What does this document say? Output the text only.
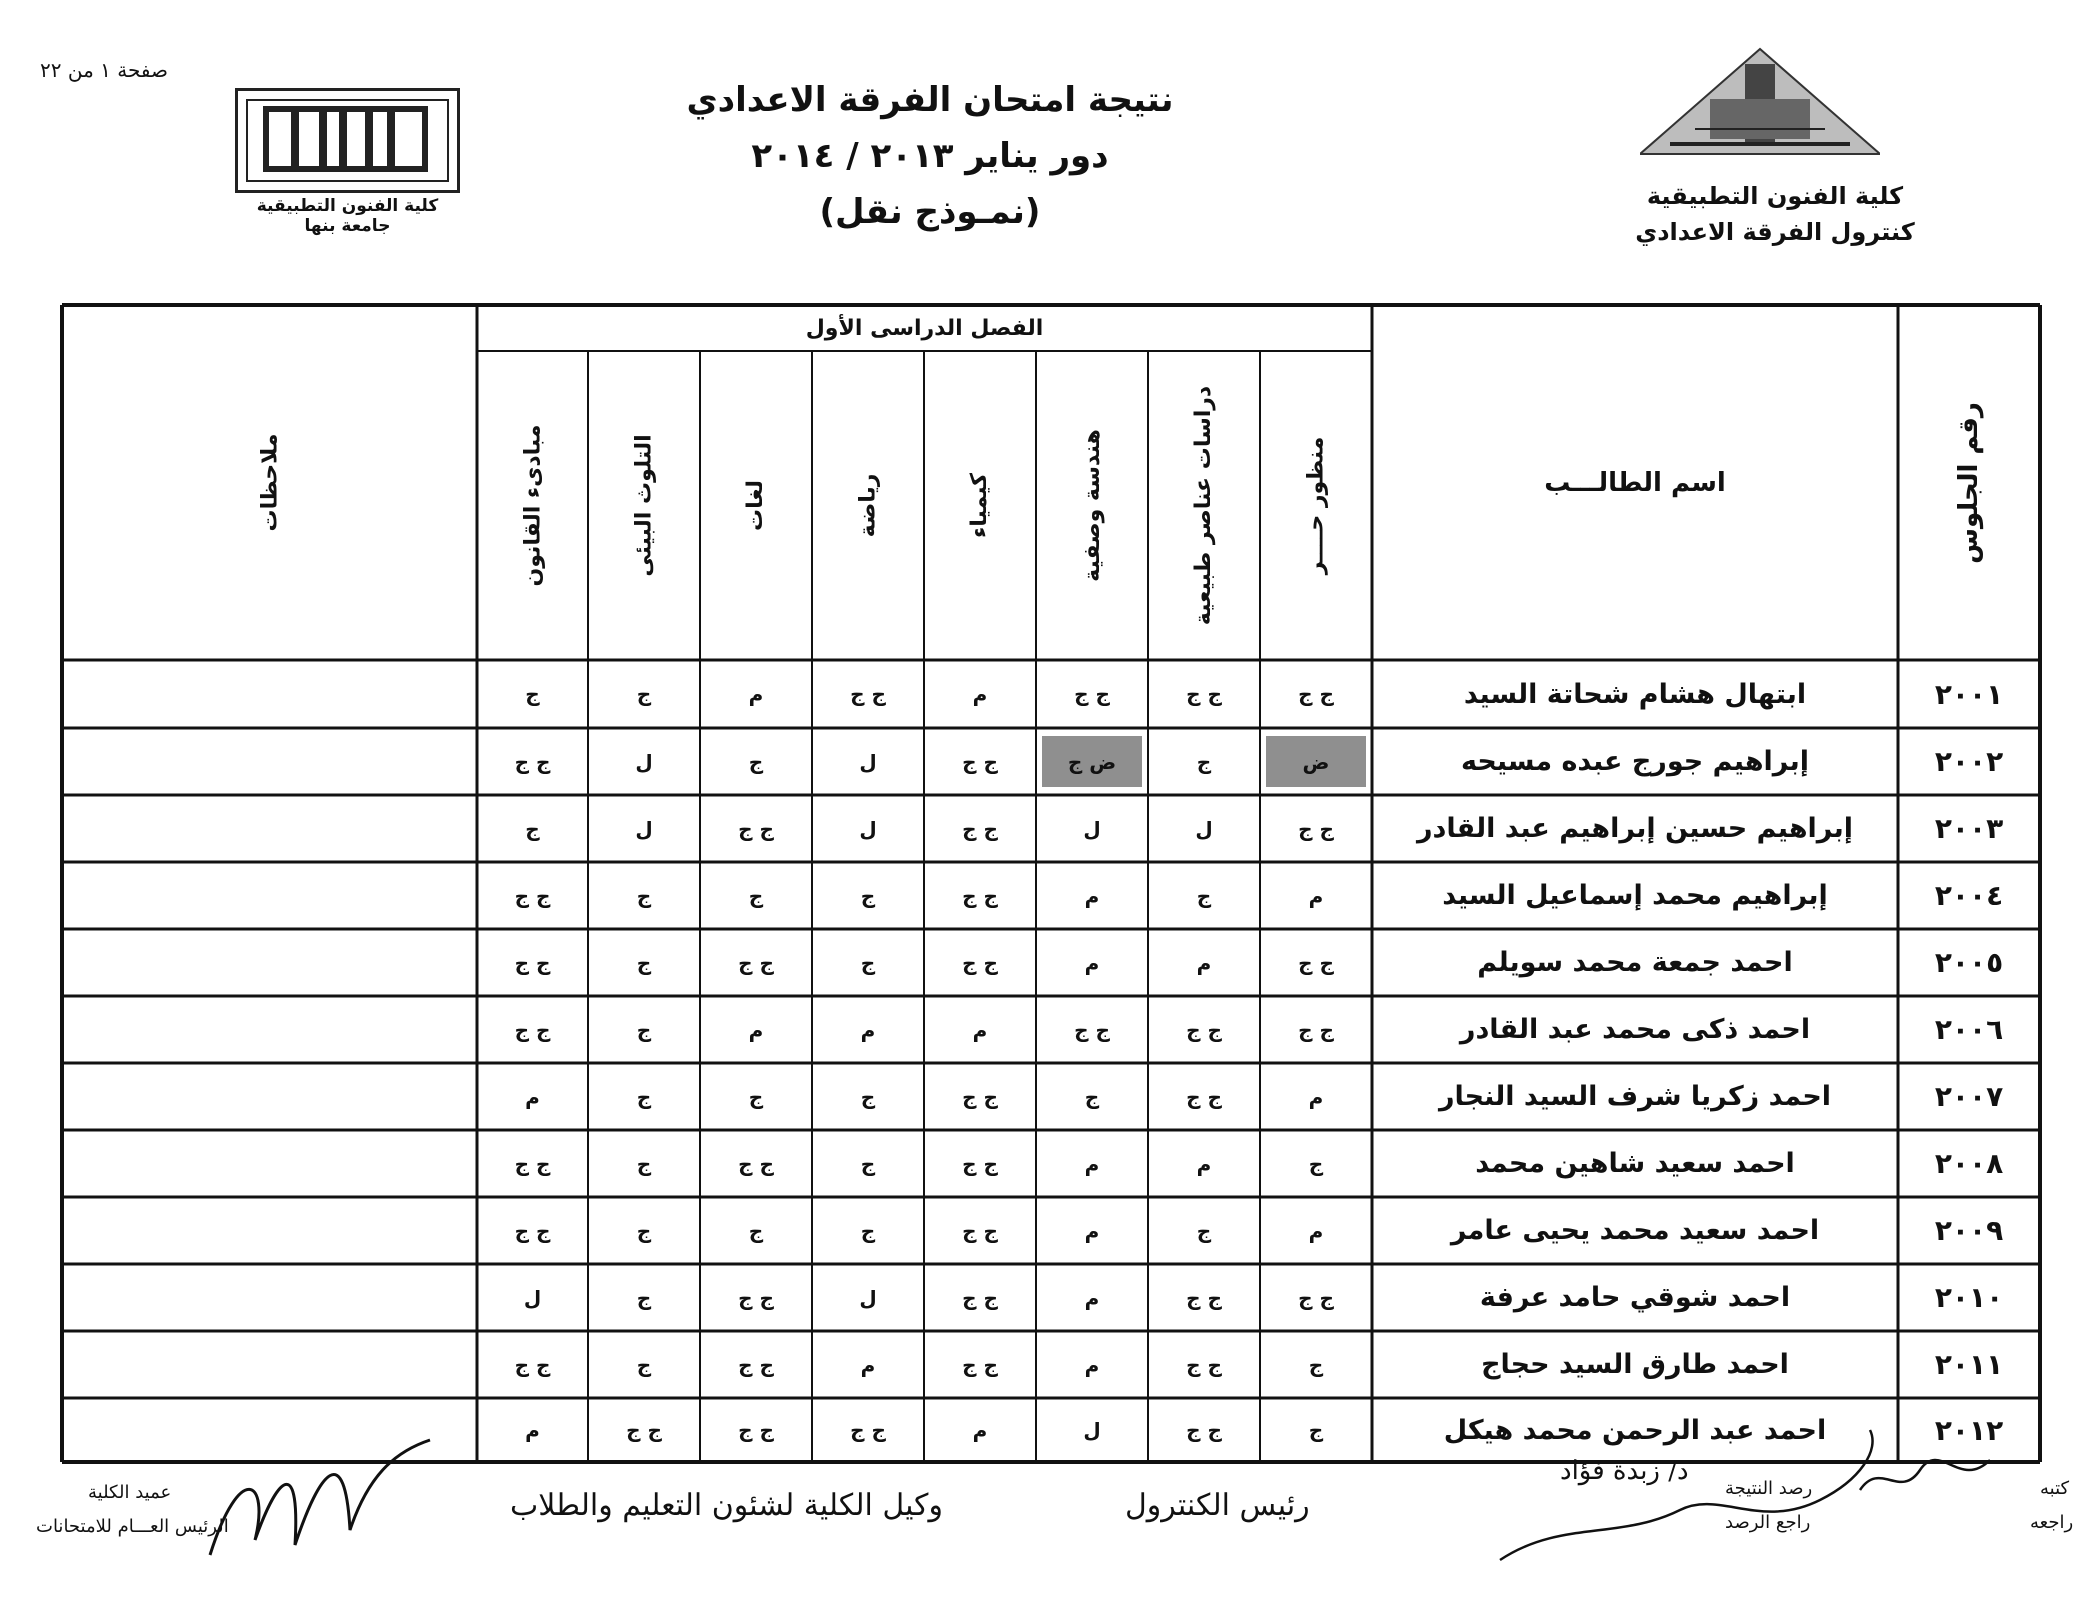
صفحة ١ من ٢٢
كلية الفنون التطبيقية
جامعة بنها
نتيجة امتحان الفرقة الاعدادي
دور يناير ٢٠١٣ / ٢٠١٤
(نمـوذج نقل)	كلية الفنون التطبيقية
كنترول الفرقة الاعدادي
ملاحظات
الفصل الدراسى الأول
اسم الطالـــب	رقم الجلوس
منظور حــــر
دراسات عناصر طبيعية
هندسة وصفية
كيمياء
رياضة
لغات
التلوث البيئى
مبادىء القانون
٢٠٠١
ابتهال هشام شحاتة السيد
ج ج
ج ج
ج ج
م
ج ج
م
ج
ج
٢٠٠٢
إبراهيم جورج عبده مسيحه
ض
ج
ض ج
ج ج
ل
ج
ل
ج ج
٢٠٠٣
إبراهيم حسين إبراهيم عبد القادر
ج ج
ل
ل
ج ج
ل
ج ج
ل
ج
٢٠٠٤
إبراهيم محمد إسماعيل السيد
م
ج
م
ج ج
ج
ج
ج
ج ج
٢٠٠٥
احمد جمعة محمد سويلم
ج ج
م
م
ج ج
ج
ج ج
ج
ج ج
٢٠٠٦
احمد ذكى محمد عبد القادر
ج ج
ج ج
ج ج
م
م
م
ج
ج ج
٢٠٠٧
احمد زكريا شرف السيد النجار
م
ج ج
ج
ج ج
ج
ج
ج
م
٢٠٠٨
احمد سعيد شاهين محمد
ج
م
م
ج ج
ج
ج ج
ج
ج ج
٢٠٠٩
احمد سعيد محمد يحيى عامر
م
ج
م
ج ج
ج
ج
ج
ج ج
٢٠١٠
احمد شوقي حامد عرفة
ج ج
ج ج
م
ج ج
ل
ج ج
ج
ل
٢٠١١
احمد طارق السيد حجاج
ج
ج ج
م
ج ج
م
ج ج
ج
ج ج
٢٠١٢
احمد عبد الرحمن محمد هيكل
ج
ج ج
ل
م
ج ج
ج ج
ج ج
م
كتبه
راجعه
رصد النتيجة
راجع الرصد
د/ زبدة فؤاد
رئيس الكنترول
وكيل الكلية لشئون التعليم والطلاب
عميد الكلية
الرئيس العـــام للامتحانات
